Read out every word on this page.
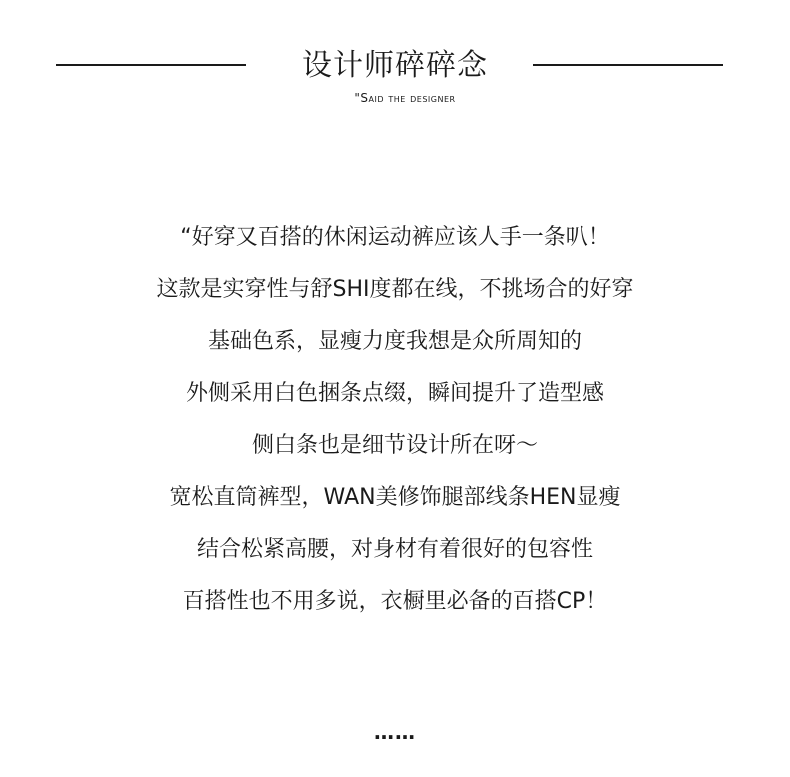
设计师碎碎念
"Said the designer
“好穿又百搭的休闲运动裤应该人手一条叭！
这款是实穿性与舒SHI度都在线，不挑场合的好穿
基础色系，显瘦力度我想是众所周知的
外侧采用白色捆条点缀，瞬间提升了造型感
侧白条也是细节设计所在呀～
宽松直筒裤型，WAN美修饰腿部线条HEN显瘦
结合松紧高腰，对身材有着很好的包容性
百搭性也不用多说，衣橱里必备的百搭CP！
……
